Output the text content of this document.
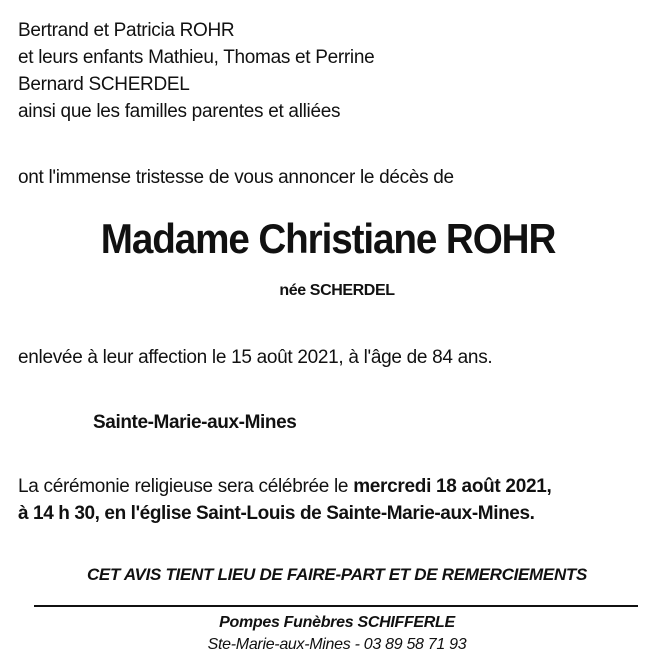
Bertrand et Patricia ROHR
et leurs enfants Mathieu, Thomas et Perrine
Bernard SCHERDEL
ainsi que les familles parentes et alliées
ont l'immense tristesse de vous annoncer le décès de
Madame Christiane ROHR
née SCHERDEL
enlevée à leur affection le 15 août 2021, à l'âge de 84 ans.
Sainte-Marie-aux-Mines
La cérémonie religieuse sera célébrée le mercredi 18 août 2021,
à 14 h 30, en l'église Saint-Louis de Sainte-Marie-aux-Mines.
CET AVIS TIENT LIEU DE FAIRE-PART ET DE REMERCIEMENTS
Pompes Funèbres SCHIFFERLE
Ste-Marie-aux-Mines - 03 89 58 71 93
